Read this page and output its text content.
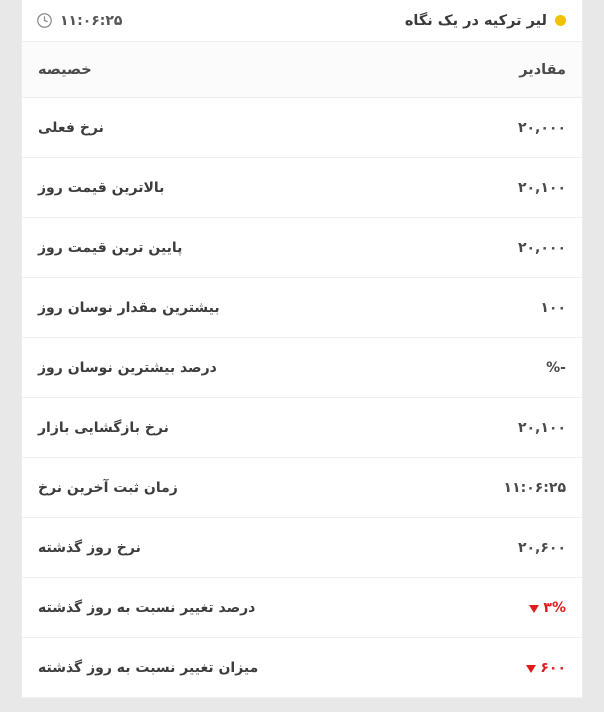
لیر ترکیه در یک نگاه
۱۱:۰۶:۲۵
مقادیر
خصیصه
۲۰,۰۰۰
نرخ فعلی
۲۰,۱۰۰
بالاترین قیمت روز
۲۰,۰۰۰
پایین ترین قیمت روز
۱۰۰
بیشترین مقدار نوسان روز
-%
درصد بیشترین نوسان روز
۲۰,۱۰۰
نرخ بازگشایی بازار
۱۱:۰۶:۲۵
زمان ثبت آخرین نرخ
۲۰,۶۰۰
نرخ روز گذشته
۳%
درصد تغییر نسبت به روز گذشته
۶۰۰
میزان تغییر نسبت به روز گذشته
